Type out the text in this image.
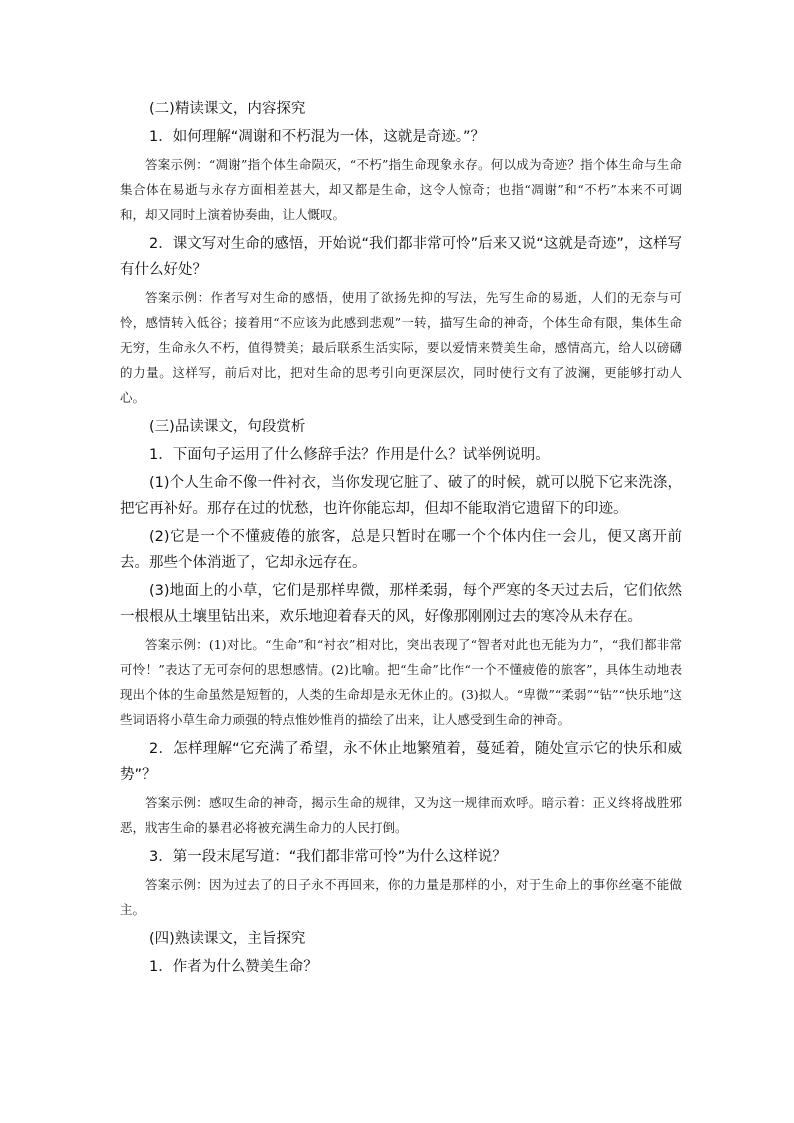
(二)精读课文，内容探究

1．如何理解“凋谢和不朽混为一体，这就是奇迹。”？

答案示例：“凋谢”指个体生命陨灭，“不朽”指生命现象永存。何以成为奇迹？指个体生命与生命集合体在易逝与永存方面相差甚大，却又都是生命，这令人惊奇；也指“凋谢”和“不朽”本来不可调和，却又同时上演着协奏曲，让人慨叹。

2．课文写对生命的感悟，开始说“我们都非常可怜”后来又说“这就是奇迹”，这样写有什么好处？

答案示例：作者写对生命的感悟，使用了欲扬先抑的写法，先写生命的易逝，人们的无奈与可怜，感情转入低谷；接着用“不应该为此感到悲观”一转，描写生命的神奇，个体生命有限，集体生命无穷，生命永久不朽，值得赞美；最后联系生活实际，要以爱情来赞美生命，感情高亢，给人以磅礴的力量。这样写，前后对比，把对生命的思考引向更深层次，同时使行文有了波澜，更能够打动人心。

(三)品读课文，句段赏析

1．下面句子运用了什么修辞手法？作用是什么？试举例说明。

(1)个人生命不像一件衬衣，当你发现它脏了、破了的时候，就可以脱下它来洗涤，把它再补好。那存在过的忧愁，也许你能忘却，但却不能取消它遗留下的印迹。

(2)它是一个不懂疲倦的旅客，总是只暂时在哪一个个体内住一会儿，便又离开前去。那些个体消逝了，它却永远存在。

(3)地面上的小草，它们是那样卑微，那样柔弱，每个严寒的冬天过去后，它们依然一根根从土壤里钻出来，欢乐地迎着春天的风，好像那刚刚过去的寒冷从未存在。

答案示例：(1)对比。“生命”和“衬衣”相对比，突出表现了“智者对此也无能为力”，“我们都非常可怜！”表达了无可奈何的思想感情。(2)比喻。把“生命”比作“一个不懂疲倦的旅客”，具体生动地表现出个体的生命虽然是短暂的，人类的生命却是永无休止的。(3)拟人。“卑微”“柔弱”“钻”“快乐地”这些词语将小草生命力顽强的特点惟妙惟肖的描绘了出来，让人感受到生命的神奇。

2．怎样理解“它充满了希望，永不休止地繁殖着，蔓延着，随处宣示它的快乐和威势”？

答案示例：感叹生命的神奇，揭示生命的规律，又为这一规律而欢呼。暗示着：正义终将战胜邪恶，戕害生命的暴君必将被充满生命力的人民打倒。

3．第一段末尾写道：“我们都非常可怜”为什么这样说？

答案示例：因为过去了的日子永不再回来，你的力量是那样的小，对于生命上的事你丝毫不能做主。

(四)熟读课文，主旨探究

1．作者为什么赞美生命？
